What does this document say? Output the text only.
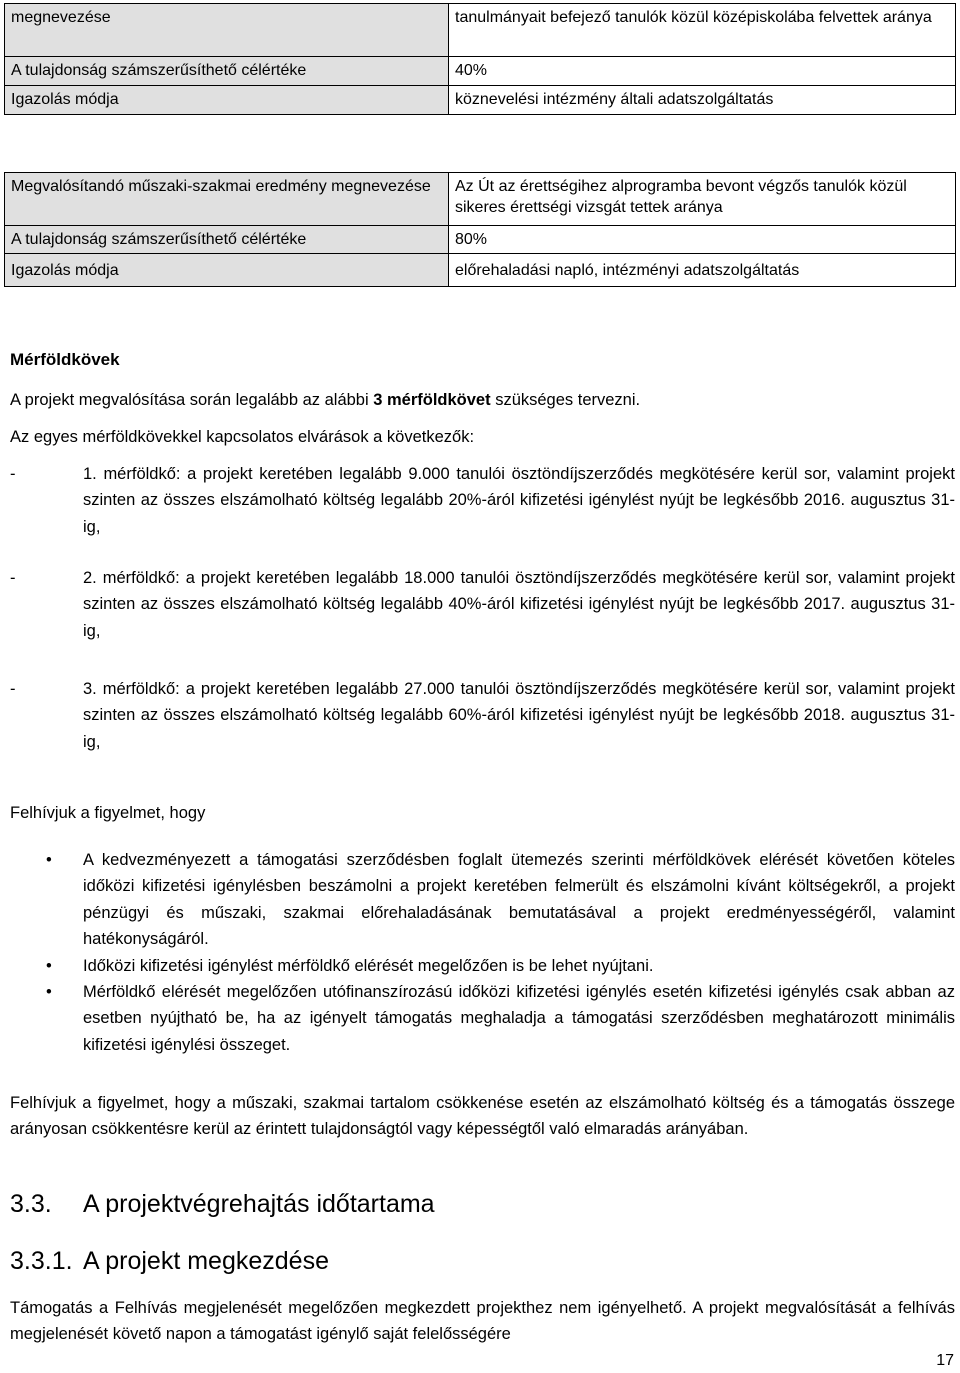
megnevezése	tanulmányait befejező tanulók közül középiskolába felvettek aránya
A tulajdonság számszerűsíthető célértéke	40%
Igazolás módja	köznevelési intézmény általi adatszolgáltatás
Megvalósítandó műszaki-szakmai eredmény megnevezése	Az Út az érettségihez alprogramba bevont végzős tanulók közül sikeres érettségi vizsgát tettek aránya
A tulajdonság számszerűsíthető célértéke	80%
Igazolás módja	előrehaladási napló, intézményi adatszolgáltatás
Mérföldkövek
A projekt megvalósítása során legalább az alábbi 3 mérföldkövet szükséges tervezni.
Az egyes mérföldkövekkel kapcsolatos elvárások a következők:
-	1. mérföldkő: a projekt keretében legalább 9.000 tanulói ösztöndíjszerződés megkötésére kerül sor, valamint projekt szinten az összes elszámolható költség legalább 20%-áról kifizetési igénylést nyújt be legkésőbb 2016. augusztus 31-ig,
-	2. mérföldkő: a projekt keretében legalább 18.000 tanulói ösztöndíjszerződés megkötésére kerül sor, valamint projekt szinten az összes elszámolható költség legalább 40%-áról kifizetési igénylést nyújt be legkésőbb 2017. augusztus 31-ig,
-	3. mérföldkő: a projekt keretében legalább 27.000 tanulói ösztöndíjszerződés megkötésére kerül sor, valamint projekt szinten az összes elszámolható költség legalább 60%-áról kifizetési igénylést nyújt be legkésőbb 2018. augusztus 31-ig,
Felhívjuk a figyelmet, hogy
• A kedvezményezett a támogatási szerződésben foglalt ütemezés szerinti mérföldkövek elérését követően köteles időközi kifizetési igénylésben beszámolni a projekt keretében felmerült és elszámolni kívánt költségekről, a projekt pénzügyi és műszaki, szakmai előrehaladásának bemutatásával a projekt eredményességéről, valamint hatékonyságáról.
• Időközi kifizetési igénylést mérföldkő elérését megelőzően is be lehet nyújtani.
• Mérföldkő elérését megelőzően utófinanszírozású időközi kifizetési igénylés esetén kifizetési igénylés csak abban az esetben nyújtható be, ha az igényelt támogatás meghaladja a támogatási szerződésben meghatározott minimális kifizetési igénylési összeget.
Felhívjuk a figyelmet, hogy a műszaki, szakmai tartalom csökkenése esetén az elszámolható költség és a támogatás összege arányosan csökkentésre kerül az érintett tulajdonságtól vagy képességtől való elmaradás arányában.
3.3. A projektvégrehajtás időtartama
3.3.1. A projekt megkezdése
Támogatás a Felhívás megjelenését megelőzően megkezdett projekthez nem igényelhető. A projekt megvalósítását a felhívás megjelenését követő napon a támogatást igénylő saját felelősségére
17
